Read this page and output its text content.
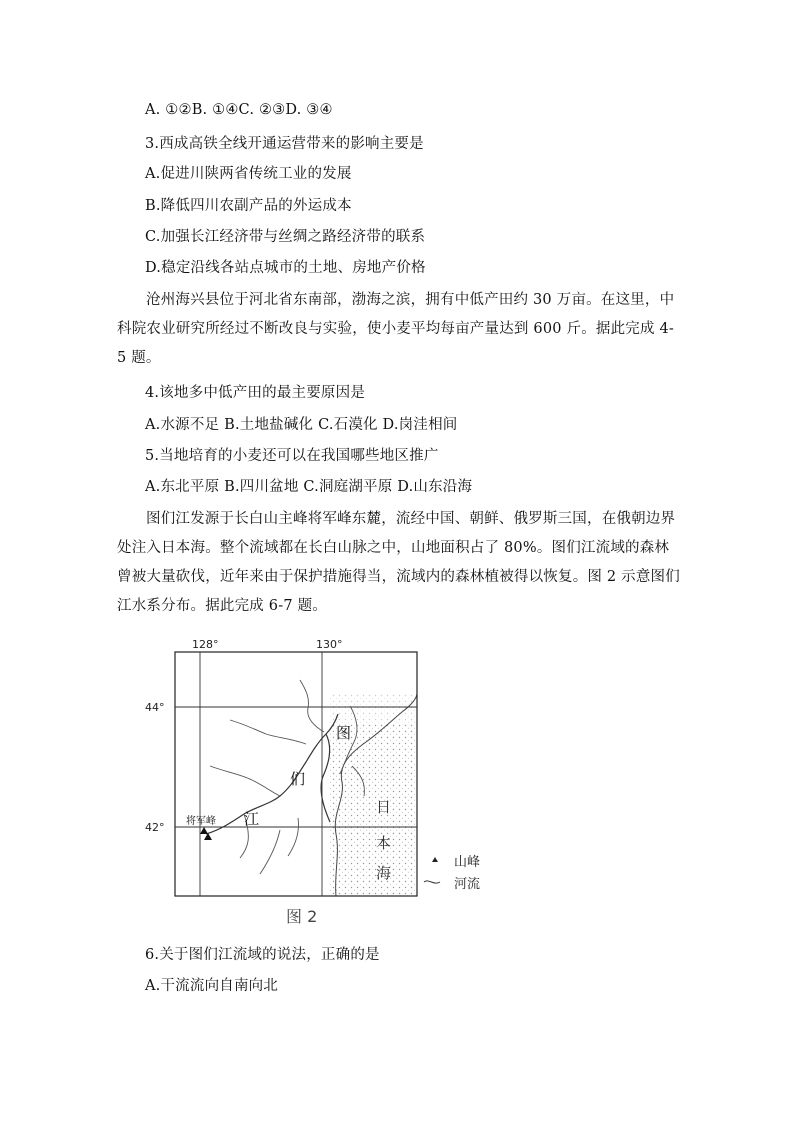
A. ①②B. ①④C. ②③D. ③④
3.西成高铁全线开通运营带来的影响主要是
A.促进川陕两省传统工业的发展
B.降低四川农副产品的外运成本
C.加强长江经济带与丝绸之路经济带的联系
D.稳定沿线各站点城市的土地、房地产价格
沧州海兴县位于河北省东南部，渤海之滨，拥有中低产田约 30 万亩。在这里，中科院农业研究所经过不断改良与实验，使小麦平均每亩产量达到 600 斤。据此完成 4-5 题。
4.该地多中低产田的最主要原因是
A.水源不足 B.土地盐碱化 C.石漠化 D.岗洼相间
5.当地培育的小麦还可以在我国哪些地区推广
A.东北平原 B.四川盆地 C.洞庭湖平原 D.山东沿海
图们江发源于长白山主峰将军峰东麓，流经中国、朝鲜、俄罗斯三国，在俄朝边界处注入日本海。整个流域都在长白山脉之中，山地面积占了 80%。图们江流域的森林曾被大量砍伐，近年来由于保护措施得当，流域内的森林植被得以恢复。图 2 示意图们江水系分布。据此完成 6-7 题。
6.关于图们江流域的说法，正确的是
A.干流流向自南向北
128°	130°
44°
42° 将军峰
图
们
江
日
本
海
山峰
河流
图 2
